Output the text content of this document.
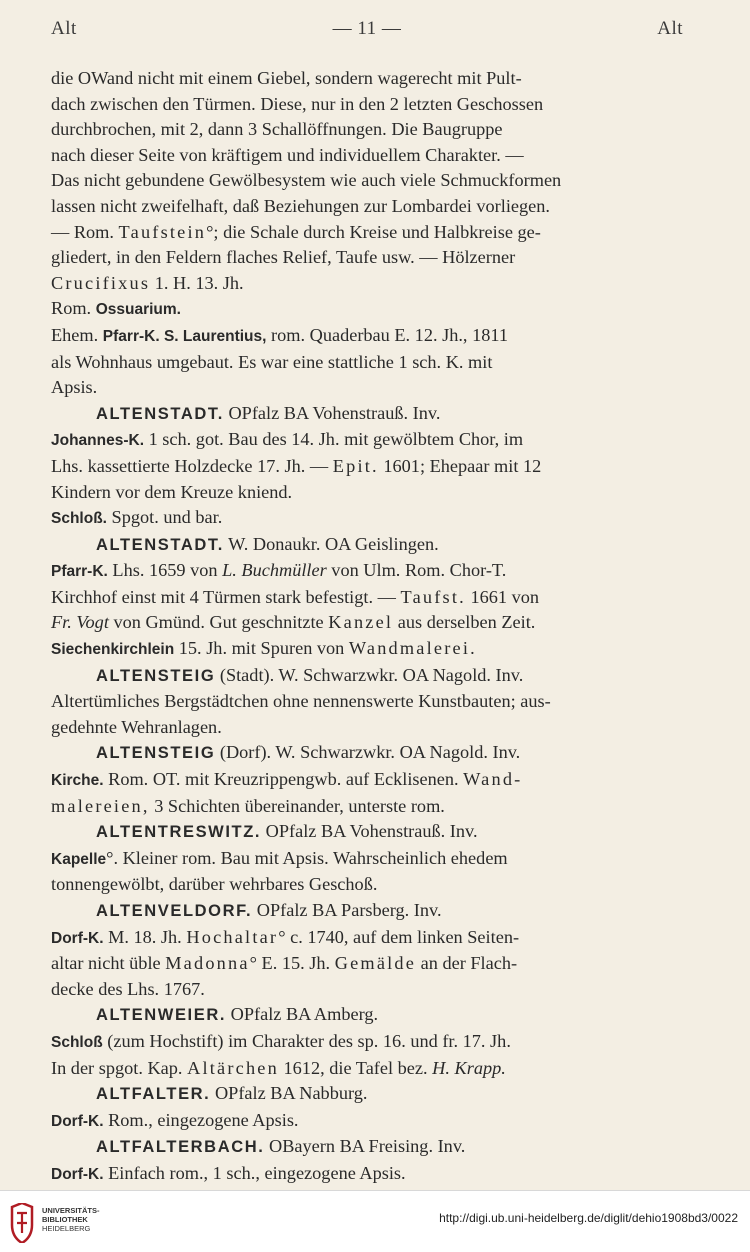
Alt	— 11 —	Alt

die OWand nicht mit einem Giebel, sondern wagerecht mit Pult-

dach zwischen den Türmen. Diese, nur in den 2 letzten Geschossen

durchbrochen, mit 2, dann 3 Schallöffnungen. Die Baugruppe

nach dieser Seite von kräftigem und individuellem Charakter. —

Das nicht gebundene Gewölbesystem wie auch viele Schmuckformen

lassen nicht zweifelhaft, daß Beziehungen zur Lombardei vorliegen.

— Rom. Taufstein°; die Schale durch Kreise und Halbkreise ge-

gliedert, in den Feldern flaches Relief, Taufe usw. — Hölzerner

Crucifixus 1. H. 13. Jh.

Rom. Ossuarium.

Ehem. Pfarr-K. S. Laurentius, rom. Quaderbau E. 12. Jh., 1811

als Wohnhaus umgebaut. Es war eine stattliche 1 sch. K. mit

Apsis.

ALTENSTADT. OPfalz BA Vohenstrauß. Inv.

Johannes-K. 1 sch. got. Bau des 14. Jh. mit gewölbtem Chor, im

Lhs. kassettierte Holzdecke 17. Jh. — Epit. 1601; Ehepaar mit 12

Kindern vor dem Kreuze kniend.

Schloß. Spgot. und bar.

ALTENSTADT. W. Donaukr. OA Geislingen.

Pfarr-K. Lhs. 1659 von L. Buchmüller von Ulm. Rom. Chor-T.

Kirchhof einst mit 4 Türmen stark befestigt. — Taufst. 1661 von

Fr. Vogt von Gmünd. Gut geschnitzte Kanzel aus derselben Zeit.

Siechenkirchlein 15. Jh. mit Spuren von Wandmalerei.

ALTENSTEIG (Stadt). W. Schwarzwkr. OA Nagold. Inv.

Altertümliches Bergstädtchen ohne nennenswerte Kunstbauten; aus-

gedehnte Wehranlagen.

ALTENSTEIG (Dorf). W. Schwarzwkr. OA Nagold. Inv.

Kirche. Rom. OT. mit Kreuzrippengwb. auf Ecklisenen. Wand-

malereien, 3 Schichten übereinander, unterste rom.

ALTENTRESWITZ. OPfalz BA Vohenstrauß. Inv.

Kapelle°. Kleiner rom. Bau mit Apsis. Wahrscheinlich ehedem

tonnengewölbt, darüber wehrbares Geschoß.

ALTENVELDORF. OPfalz BA Parsberg. Inv.

Dorf-K. M. 18. Jh. Hochaltar° c. 1740, auf dem linken Seiten-

altar nicht üble Madonna° E. 15. Jh. Gemälde an der Flach-

decke des Lhs. 1767.

ALTENWEIER. OPfalz BA Amberg.

Schloß (zum Hochstift) im Charakter des sp. 16. und fr. 17. Jh.

In der spgot. Kap. Altärchen 1612, die Tafel bez. H. Krapp.

ALTFALTER. OPfalz BA Nabburg.

Dorf-K. Rom., eingezogene Apsis.

ALTFALTERBACH. OBayern BA Freising. Inv.

Dorf-K. Einfach rom., 1 sch., eingezogene Apsis.

UNIVERSITÄTS-
BIBLIOTHEK
HEIDELBERG
http://digi.ub.uni-heidelberg.de/diglit/dehio1908bd3/0022
